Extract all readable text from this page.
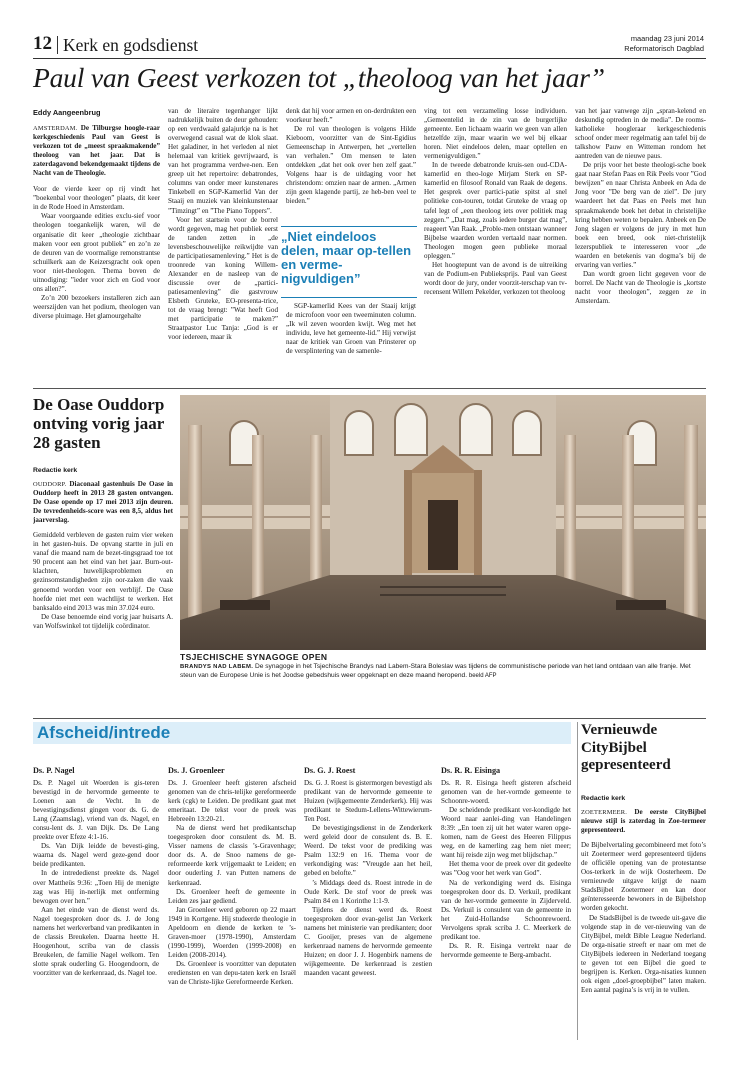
12 Kerk en godsdienst	maandag 23 juni 2014
Reformatorisch Dagblad
Paul van Geest verkozen tot „theoloog van het jaar”
Eddy Aangeenbrug

AMSTERDAM. De Tilburgse hoogle-raar kerkgeschiedenis Paul van Geest is verkozen tot de „meest spraakmakende” theoloog van het jaar. Dat is zaterdagavond bekendgemaakt tijdens de Nacht van de Theologie.

Voor de vierde keer op rij vindt het ”boekenbal voor theologen” plaats, dit keer in de Rode Hoed in Amsterdam.

Waar voorgaande edities exclu-sief voor theologen toegankelijk waren, wil de organisatie dit keer „theologie zichtbaar maken voor een groot publiek” en zo’n ze de deuren van de voormalige remonstrantse schuilkerk aan de Keizersgracht ook open voor niet-theologen. Thema boven de uitnodiging: ”ieder voor zich en God voor ons allen?”.

Zo’n 200 bezoekers installeren zich aan weerszijden van het podium, theologen van diverse pluimage. Het glamourgehalte

van de literaire tegenhanger lijkt nadrukkelijk buiten de deur gehouden: op een verdwaald galajurkje na is het overwegend casual wat de klok slaat. Het galadiner, in het verleden al niet helemaal van kritiek gevrijwaard, is van het programma verdwe-nen. Een greep uit het repertoire: debatrondes, columns van onder meer kunstenares Tinkebell en SGP-Kamerlid Van der Staaij en muziek van kleinkunstenaar ”Timzingt” en ”The Piano Toppers”.

Voor het startsein voor de borrel wordt gegeven, mag het publiek eerst de tanden zetten in „de levensbeschouwelijke reikwijdte van de participatiesamenleving.” Het is de troonrede van koning Willem-Alexander en de nasleep van de discussie over de „partici-patiesamenleving” die gastvrouw Elsbeth Gruteke, EO-presenta-trice, tot de vraag brengt: ”Wat heeft God met participatie te maken?” Straatpastor Luc Tanja: „God is er voor iedereen, maar ik

denk dat hij voor armen en on-derdrukten een voorkeur heeft.”

De rol van theologen is volgens Hilde Kieboom, voorzitter van de Sint-Egidius Gemeenschap in Antwerpen, het „vertellen van verhalen.” Om mensen te laten ontdekken „dat het ook over hen zelf gaat.” Volgens haar is de uitdaging voor het christendom: omzien naar de armen. „Armen zijn geen klagende partij, ze heb-ben veel te bieden.”

„Niet eindeloos delen, maar op-tellen en verme-nigvuldigen”

SGP-kamerlid Kees van der Staaij krijgt de microfoon voor een tweeminuten column. „Ik wil zeven woorden kwijt. Weg met het individu, leve het gemeente-lid.” Hij verwijst naar de kritiek van Groen van Prinsterer op de versplintering van de samenle-

ving tot een verzameling losse individuen. „Gemeentelid in de zin van de burgerlijke gemeente. Een lichaam waarin we geen van allen hetzelfde zijn, maar waarin we wel bij elkaar horen. Niet eindeloos delen, maar optellen en vermenigvuldigen.”

In de tweede debatronde kruis-sen oud-CDA-kamerlid en theo-loge Mirjam Sterk en SP-kamerlid en filosoof Ronald van Raak de degens. Het gesprek over partici-patie spitst al snel politieke con-touren, totdat Gruteke de vraag op tafel legt of „een theoloog iets over politiek mag zeggen.” „Dat mag, zoals iedere burger dat mag”, reageert Van Raak. „Proble-men ontstaan wanneer Bijbelse waarden worden vertaald naar normen. Theologen mogen geen publieke moraal opleggen.”

Het hoogtepunt van de avond is de uitreiking van de Podium-en Publieksprijs. Paul van Geest wordt door de jury, onder voorzit-terschap van tv-recensent Willem Pekelder, verkozen tot theoloog

van het jaar vanwege zijn „spran-kelend en deskundig optreden in de media”. De rooms-katholieke hoogleraar kerkgeschiedenis schoof onder meer regelmatig aan tafel bij de talkshow Pauw en Witteman rondom het aantreden van de nieuwe paus.

De prijs voor het beste theologi-sche boek gaat naar Stefan Paas en Rik Peels voor ”God bewijzen” en naar Christa Anbeek en Ada de Jong voor ”De berg van de ziel”. De jury waardeert het dat Paas en Peels met hun spraakmakende boek het debat in christelijke kring hebben weten te bepalen. Anbeek en De Jong slagen er volgens de jury in met hun boek een breed, ook niet-christelijk lezerspubliek te interesseren voor „de waarden en betekenis van dogma’s bij de ervaring van verlies.”

Dan wordt groen licht gegeven voor de borrel. De Nacht van de Theologie is „kortste nacht voor theologen”, zeggen ze in Amsterdam.

De Oase Ouddorp ontving vorig jaar 28 gasten
Redactie kerk

OUDDORP. Diaconaal gastenhuis De Oase in Ouddorp heeft in 2013 28 gasten ontvangen. De Oase opende op 17 mei 2013 zijn deuren. De tevredenheids-score was een 8,5, aldus het jaarverslag.

Gemiddeld verbleven de gasten ruim vier weken in het gasten-huis. De opvang startte in juli en vanaf die maand nam de bezet-tingsgraad toe tot 90 procent aan het eind van het jaar. Burn-out-klachten, huwelijksproblemen en gezinsomstandigheden zijn oor-zaken die vaak genoemd worden voor een verblijf. De Oase hoefde niet met een wachtlijst te werken. Het banksaldo eind 2013 was min 37.024 euro.

De Oase benoemde eind vorig jaar huisarts A. van Wolfswinkel tot tijdelijk coördinator.

TSJECHISCHE SYNAGOGE OPEN
BRANDYS NAD LABEM. De synagoge in het Tsjechische Brandys nad Labem-Stara Boleslav was tijdens de communistische periode van het land ontdaan van alle franje. Met steun van de Europese Unie is het Joodse gebedshuis weer opgeknapt en deze maand heropend. beeld AFP
Afscheid/intrede
Ds. P. Nagel

Ds. P. Nagel uit Woerden is gis-teren bevestigd in de hervormde gemeente te Loenen aan de Vecht. In de bevestigingsdienst gingen voor ds. G. de Lang (Zaamslag), vriend van ds. Nagel, en consu-lent ds. J. van Dijk. Ds. De Lang preekte over Efeze 4:1-16.

Ds. Van Dijk leidde de bevesti-ging, waarna ds. Nagel werd geze-gend door beide predikanten.

In de intrededienst preekte ds. Nagel over Mattheüs 9:36: „Toen Hij de menigte zag was Hij in-nerlijk met ontferming bewogen over hen.”

Aan het einde van de dienst werd ds. Nagel toegesproken door ds. J. de Jong namens het werkverband van predikanten in de classis Breukelen. Daarna heette H. Hoogenhout, scriba van de classis Breukelen, de familie Nagel welkom. Ten slotte sprak ouderling G. Hoogendoorn, de voorzitter van de kerkenraad, ds. Nagel toe.

Ds. J. Groenleer

Ds. J. Groenleer heeft gisteren afscheid genomen van de chris-telijke gereformeerde kerk (cgk) te Leiden. De predikant gaat met emeritaat. De tekst voor de preek was Hebreeën 13:20-21.

Na de dienst werd het predikantschap toegesproken door consulent ds. M. B. Visser namens de classis ’s-Gravenhage; door ds. A. de Snoo namens de ge-reformeerde kerk vrijgemaakt te Leiden; en door ouderling J. van Putten namens de kerkenraad.

Ds. Groenleer heeft de gemeente in Leiden zes jaar gediend.

Jan Groenleer werd geboren op 22 maart 1949 in Kortgene. Hij studeerde theologie in Apeldoorn en diende de kerken te ’s-Graven-moer (1978-1990), Amsterdam (1990-1999), Woerden (1999-2008) en Leiden (2008-2014).

Ds. Groenleer is voorzitter van deputaten erediensten en van depu-taten kerk en Israël van de Christe-lijke Gereformeerde Kerken.

Ds. G. J. Roest

Ds. G. J. Roest is gistermorgen bevestigd als predikant van de hervormde gemeente te Huizen (wijkgemeente Zenderkerk). Hij was predikant te Stedum-Lellens-Wittewierum-Ten Post.

De bevestigingsdienst in de Zenderkerk werd geleid door de consulent ds. B. E. Weerd. De tekst voor de prediking was Psalm 132:9 en 16. Thema voor de verkondiging was: ”Vreugde aan het heil, gebed en belofte.”

’s Middags deed ds. Roest intrede in de Oude Kerk. De stof voor de preek was Psalm 84 en 1 Korinthe 1:1-9.

Tijdens de dienst werd ds. Roest toegesproken door evan-gelist Jan Verkerk namens het ministerie van predikanten; door C. Gooijer, preses van de algemene kerkenraad namens de hervormde gemeente Huizen; en door J. J. Hogenbirk namens de wijkgemeente. De kerkenraad is zestien maanden vacant geweest.

Ds. R. R. Eisinga

Ds. R. R. Eisinga heeft gisteren afscheid genomen van de her-vormde gemeente te Schoonre-woerd.

De scheidende predikant ver-kondigde het Woord naar aanlei-ding van Handelingen 8:39: „En toen zij uit het water waren opge-komen, nam de Geest des Heeren Filippus weg, en de kamerling zag hem niet meer; want hij reisde zijn weg met blijdschap.”

Het thema voor de preek over dit gedeelte was ”Oog voor het werk van God”.

Na de verkondiging werd ds. Eisinga toegesproken door ds. D. Verkuil, predikant van de her-vormde gemeente in Zijderveld. Ds. Verkuil is consulent van de gemeente in het Zuid-Hollandse Schoonrewoerd. Vervolgens sprak scriba J. C. Meerkerk de predikant toe.

Ds. R. R. Eisinga vertrekt naar de hervormde gemeente te Berg-ambacht.

Vernieuwde CityBijbel gepresenteerd
Redactie kerk

ZOETERMEER. De eerste CityBijbel nieuwe stijl is zaterdag in Zoe-termeer gepresenteerd.

De Bijbelvertaling gecombineerd met foto’s uit Zoetermeer werd gepresenteerd tijdens de officiële opening van de protestantse Oos-terkerk in de wijk Oosterheem. De vernieuwde uitgave krijgt de naam StadsBijbel Zoetermeer en kan door geïnteresseerde bewoners in de Bijbelshop worden gekocht.

De StadsBijbel is de tweede uit-gave die volgende stap in de ver-nieuwing van de CityBijbel, meldt Bible League Nederland. De orga-nisatie streeft er naar om met de CityBijbels iedereen in Nederland toegang te geven tot een Bijbel die goed te begrijpen is. Kerken. Orga-nisaties kunnen ook eigen „doel-groepbijbel” laten maken. Een aantal pagina’s is vrij in te vullen.
